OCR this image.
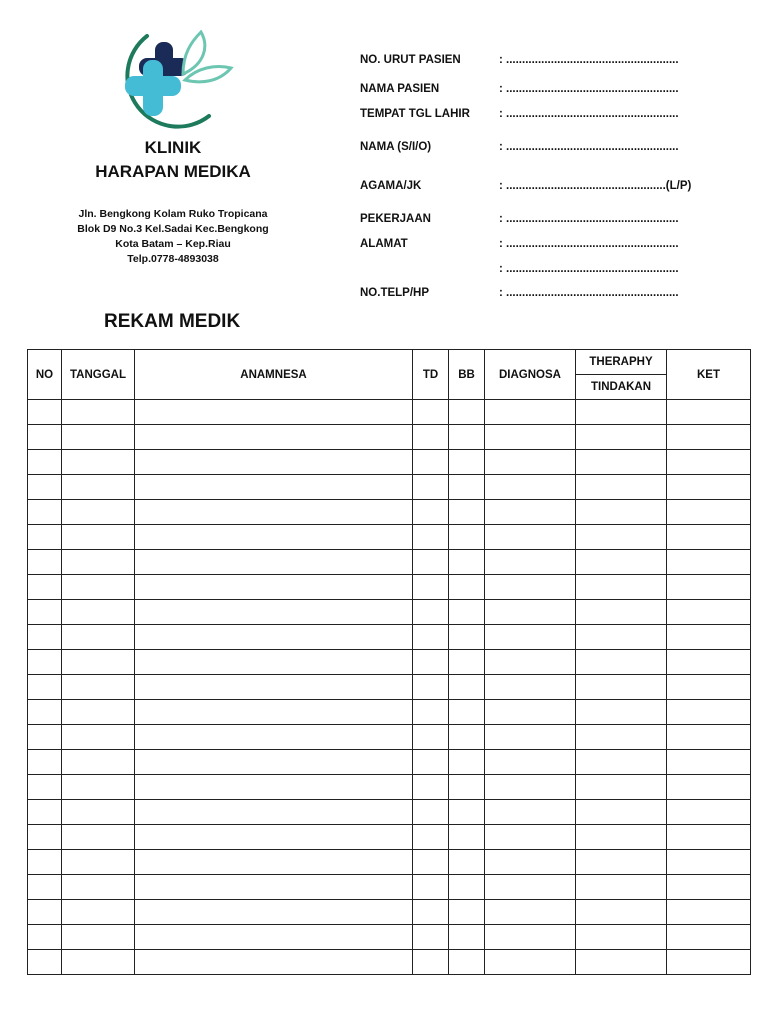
KLINIK
HARAPAN MEDIKA
Jln. Bengkong Kolam Ruko Tropicana
Blok D9 No.3 Kel.Sadai Kec.Bengkong
Kota Batam – Kep.Riau
Telp.0778-4893038
REKAM MEDIK
NO. URUT PASIEN	: ......................................................
NAMA PASIEN	: ......................................................
TEMPAT TGL LAHIR	: ......................................................
NAMA (S/I/O)	: ......................................................
AGAMA/JK	: ..................................................(L/P)
PEKERJAAN	: ......................................................
ALAMAT	: ......................................................
: ......................................................
NO.TELP/HP	: ......................................................
NO	TANGGAL	ANAMNESA	TD	BB	DIAGNOSA	THERAPHY	KET
						TINDAKAN	
